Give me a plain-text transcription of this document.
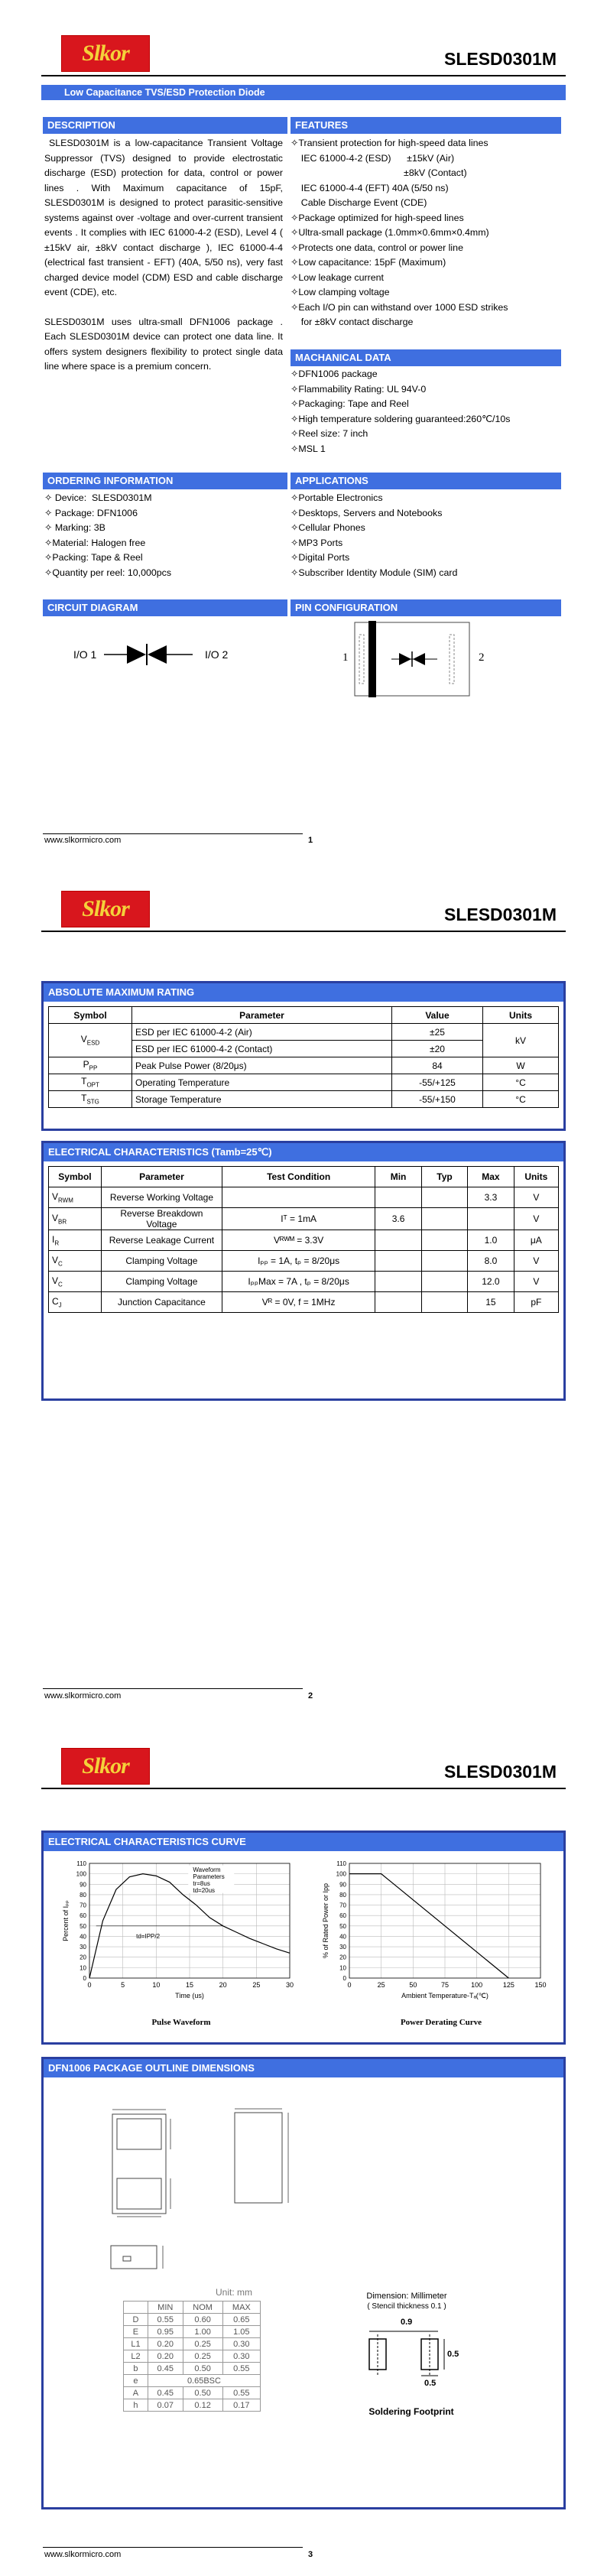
Slkor	SLESD0301M
Low Capacitance TVS/ESD Protection Diode
DESCRIPTION
SLESD0301M is a low-capacitance Transient Voltage Suppressor (TVS) designed to provide electrostatic discharge (ESD) protection for data, control or power lines . With Maximum capacitance of 15pF, SLESD0301M is designed to protect parasitic-sensitive systems against over -voltage and over-current transient events . It complies with IEC 61000-4-2 (ESD), Level 4 ( ±15kV air, ±8kV contact discharge ), IEC 61000-4-4 (electrical fast transient - EFT) (40A, 5/50 ns), very fast charged device model (CDM) ESD and cable discharge event (CDE), etc.
SLESD0301M uses ultra-small DFN1006 package . Each SLESD0301M device can protect one data line. It offers system designers flexibility to protect single data line where space is a premium concern.
FEATURES
✧Transient protection for high-speed data lines
IEC 61000-4-2 (ESD)      ±15kV (Air)
±8kV (Contact)
IEC 61000-4-4 (EFT) 40A (5/50 ns)
Cable Discharge Event (CDE)
✧Package optimized for high-speed lines
✧Ultra-small package (1.0mm×0.6mm×0.4mm)
✧Protects one data, control or power line
✧Low capacitance: 15pF (Maximum)
✧Low leakage current
✧Low clamping voltage
✧Each I/O pin can withstand over 1000 ESD strikes
for ±8kV contact discharge
MACHANICAL DATA
✧DFN1006 package
✧Flammability Rating: UL 94V-0
✧Packaging: Tape and Reel
✧High temperature soldering guaranteed:260℃/10s
✧Reel size: 7 inch
✧MSL 1
ORDERING INFORMATION
✧ Device:  SLESD0301M
✧ Package: DFN1006
✧ Marking: 3B
✧Material: Halogen free
✧Packing: Tape & Reel
✧Quantity per reel: 10,000pcs
APPLICATIONS
✧Portable Electronics
✧Desktops, Servers and Notebooks
✧Cellular Phones
✧MP3 Ports
✧Digital Ports
✧Subscriber Identity Module (SIM) card
CIRCUIT DIAGRAM
I/O 1	I/O 2
PIN CONFIGURATION
1	2
www.slkormicro.com	1
Slkor	SLESD0301M
ABSOLUTE MAXIMUM RATING
Symbol	Parameter	Value	Units
$V_{ESD}$	ESD per IEC 61000-4-2 (Air)	±25	kV
	ESD per IEC 61000-4-2 (Contact)	±20	
$P_{PP}$	Peak Pulse Power (8/20μs)	84	W
$T_{OPT}$	Operating Temperature	-55/+125	°C
$T_{STG}$	Storage Temperature	-55/+150	°C
ELECTRICAL CHARACTERISTICS (Tamb=25℃)
Symbol	Parameter	Test Condition	Min	Typ	Max	Units
$V_{RWM}$	Reverse Working Voltage				3.3	V
$V_{BR}$	Reverse Breakdown Voltage	Iᵀ = 1mA	3.6			V
$I_R$	Reverse Leakage Current	Vᴿᵂᴹ = 3.3V			1.0	μA
$V_C$	Clamping Voltage	Iₚₚ = 1A, tₚ = 8/20μs			8.0	V
$V_C$	Clamping Voltage	IₚₚMax = 7A , tₚ = 8/20μs			12.0	V
$C_J$	Junction Capacitance	Vᴿ = 0V, f = 1MHz			15	pF
www.slkormicro.com	2
Slkor	SLESD0301M
ELECTRICAL CHARACTERISTICS CURVE
0	5	10	15	20	25	30
0
10
20
30
40
50
60
70
80
90
100
110
Time (us)
Percent of Iₚₚ
Waveform
Parameters
tr=8us
td=20us
td=IPP/2
Pulse Waveform
0	25	50	75	100	125	150
0
10
20
30
40
50
60
70
80
90
100
110
Ambient Temperature-Tₐ(℃)
% of Rated Power or Ipp
Power Derating Curve
DFN1006 PACKAGE OUTLINE DIMENSIONS
Unit: mm
	MIN	NOM	MAX
D	0.55	0.60	0.65
E	0.95	1.00	1.05
L1	0.20	0.25	0.30
L2	0.20	0.25	0.30
b	0.45	0.50	0.55
e	0.65BSC		
A	0.45	0.50	0.55
h	0.07	0.12	0.17
Dimension: Millimeter
( Stencil thickness 0.1 )
0.9
0.5
0.5
Soldering Footprint
www.slkormicro.com	3
